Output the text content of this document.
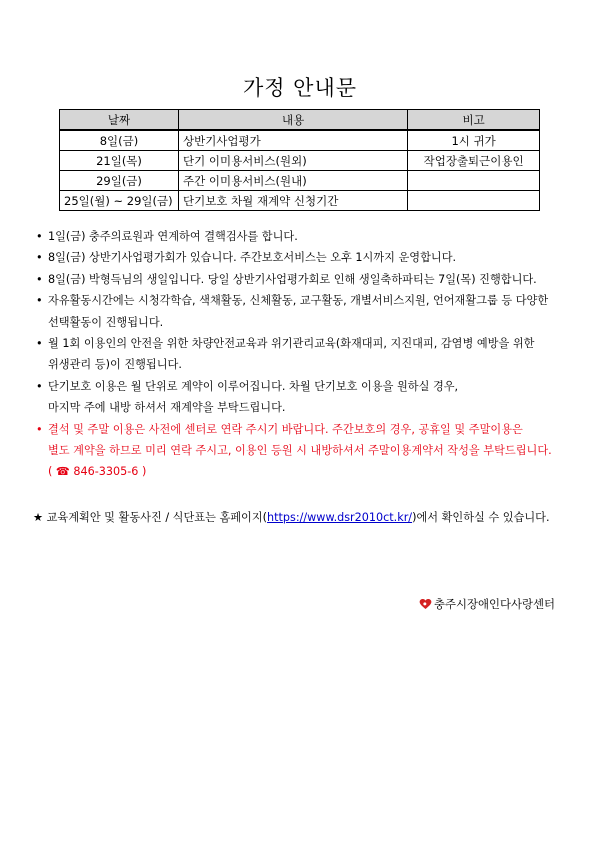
가정 안내문
날짜	내용	비고
8일(금)	상반기사업평가	1시 귀가
21일(목)	단기 이미용서비스(원외)	작업장출퇴근이용인
29일(금)	주간 이미용서비스(원내)	
25일(월) ~ 29일(금)	단기보호 차월 재계약 신청기간	
• 1일(금) 충주의료원과 연계하여 결핵검사를 합니다.
• 8일(금) 상반기사업평가회가 있습니다. 주간보호서비스는 오후 1시까지 운영합니다.
• 8일(금) 박형득님의 생일입니다. 당일 상반기사업평가회로 인해 생일축하파티는 7일(목) 진행합니다.
• 자유활동시간에는 시청각학습, 색채활동, 신체활동, 교구활동, 개별서비스지원, 언어재활그룹 등 다양한
선택활동이 진행됩니다.
• 월 1회 이용인의 안전을 위한 차량안전교육과 위기관리교육(화재대피, 지진대피, 감염병 예방을 위한
위생관리 등)이 진행됩니다.
• 단기보호 이용은 월 단위로 계약이 이루어집니다. 차월 단기보호 이용을 원하실 경우,
마지막 주에 내방 하셔서 재계약을 부탁드립니다.
• 결석 및 주말 이용은 사전에 센터로 연락 주시기 바랍니다. 주간보호의 경우, 공휴일 및 주말이용은
별도 계약을 하므로 미리 연락 주시고, 이용인 등원 시 내방하셔서 주말이용계약서 작성을 부탁드립니다.
( ☎ 846-3305-6 )
★ 교육계획안 및 활동사진 / 식단표는 홈페이지(https://www.dsr2010ct.kr/)에서 확인하실 수 있습니다.
충주시장애인다사랑센터
